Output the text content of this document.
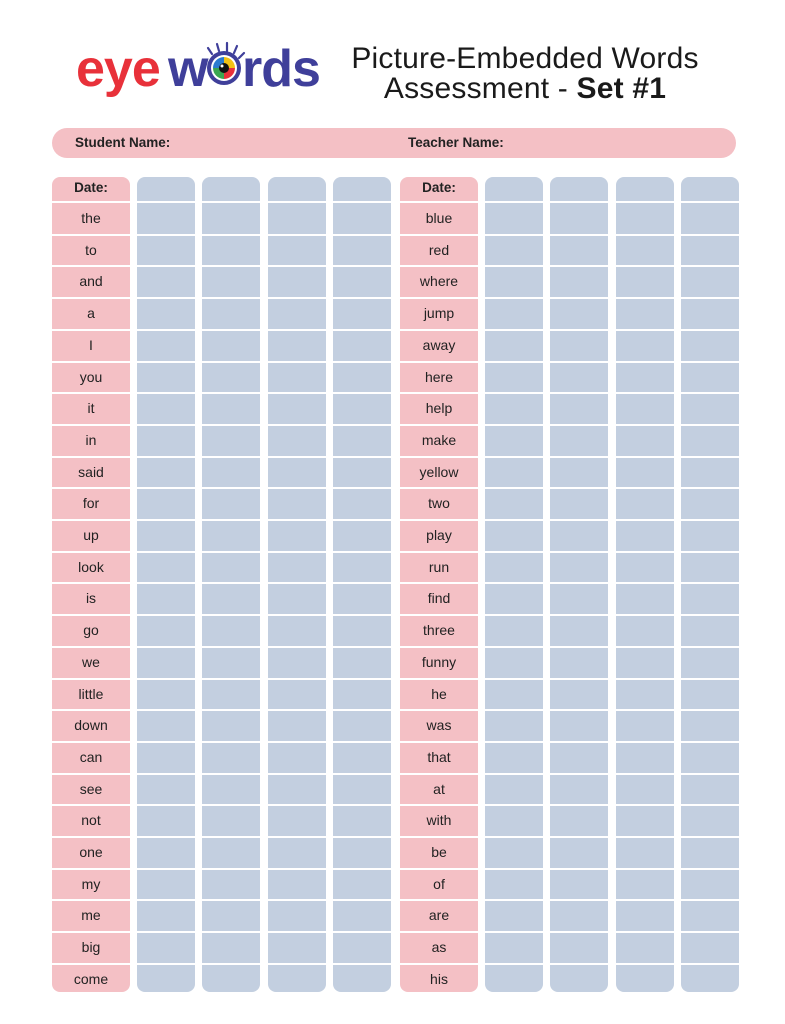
eye w rds	Picture-Embedded Words
Assessment - Set #1
Student Name:	Teacher Name:
Date:
the
to
and
a
I
you
it
in
said
for
up
look
is
go
we
little
down
can
see
not
one
my
me
big
come
Date:
blue
red
where
jump
away
here
help
make
yellow
two
play
run
find
three
funny
he
was
that
at
with
be
of
are
as
his
